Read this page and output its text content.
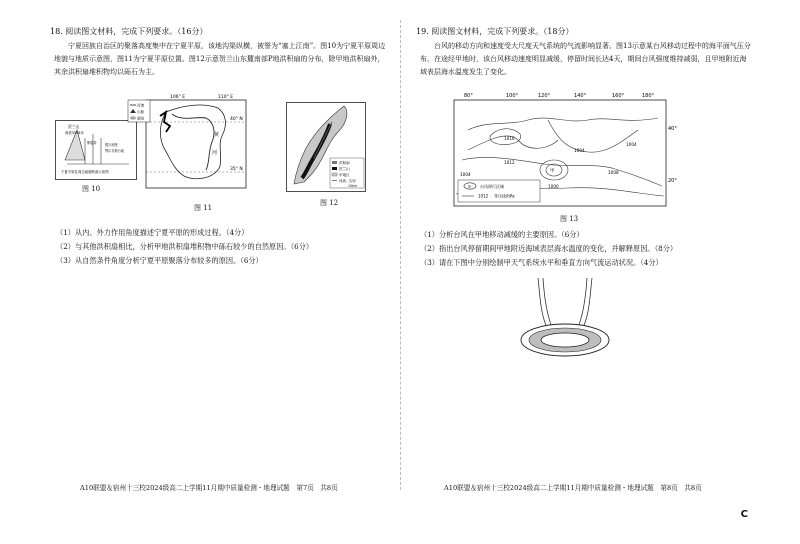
18. 阅读图文材料，完成下列要求。（16分）
宁夏回族自治区的聚落高度集中在宁夏平原，该地沟渠纵横，被誉为“塞上江南”。图10为宁夏平原周边地貌与地质示意图，图11为宁夏平原位置。图12示意贺兰山东麓南部P地洪积扇的分布，除甲地洪积扇外，其余洪积扇堆积物均以砾石为主。
贺兰山
海拔3556米
断裂带	银川地堑
鄂尔多斯台地
宁夏平原及周边地貌断面示意图
图 10
106° E	110° E
40° N
35° N
黄
河
河流
山脉
湖泊
图 11
洪积扇
贺兰山
甲地区
河流、沟谷
10km
图 12
（1）从内、外力作用角度描述宁夏平原的形成过程。（4分）
（2）与其他洪积扇相比，分析甲地洪积扇堆积物中砾石较少的自然原因。（6分）
（3）从自然条件角度分析宁夏平原聚落分布较多的原因。（6分）
A10联盟＆宿州十三校2024级高二上学期11月期中质量检测・地理试题　第7页　共8页
19. 阅读图文材料，完成下列要求。（18分）
台风的移动方向和速度受大尺度天气系统的气流影响显著。图13示意某台风移动过程中的海平面气压分布，在途经甲地时，该台风移动速度明显减缓，停留时间长达4天，期间台风强度维持减弱，且甲地附近海域表层海水温度发生了变化。
80°	100°	120°	140°	160°	180°
40°
20°
1016
1012
1004
1000
1004	1008
1004
甲
甲 台风滞行区域
1012 等压线/hPa
图 13
（1）分析台风在甲地移动减缓的主要原因。（6分）
（2）指出台风停留期间甲地附近海域表层海水温度的变化，并解释原因。（8分）
（3）请在下图中分别绘制甲天气系统水平和垂直方向气流运动状况。（4分）
A10联盟＆宿州十三校2024级高二上学期11月期中质量检测・地理试题　第8页　共8页
C
